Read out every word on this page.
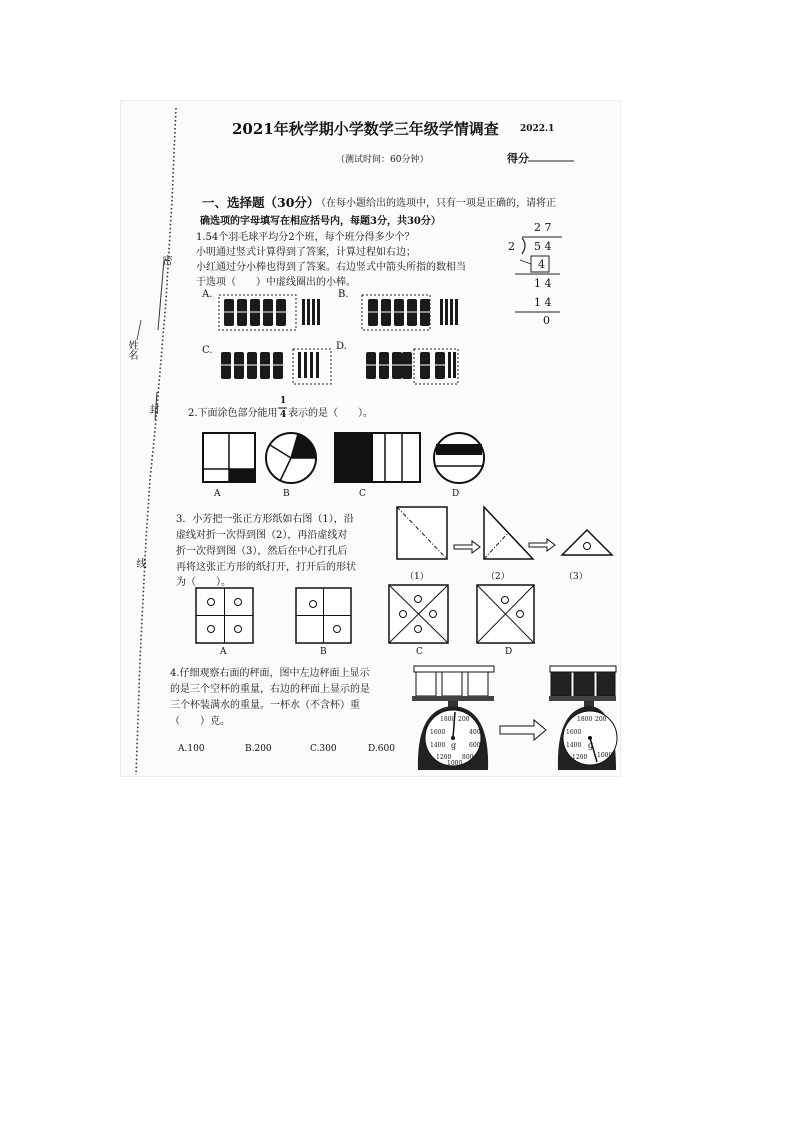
密
姓名
封
线
2021年秋学期小学数学三年级学情调查 2022.1
（测试时间：60分钟）	得分
一、选择题（30分）
（在每小题给出的选项中，只有一项是正确的，请将正
确选项的字母填写在相应括号内，每题3分，共30分）
1.54个羽毛球平均分2个班，每个班分得多少个？
小明通过竖式计算得到了答案，计算过程如右边；
小红通过分小棒也得到了答案。右边竖式中箭头所指的数相当
于选项（　　）中虚线圈出的小棒。
2 7
2 5 4
4
1 4
1 4
0
A.	B.
C.	D.
2.下面涂色部分能用
1
4 表示的是（　　）。
A	B	C	D
3．小芳把一张正方形纸如右图（1），沿
虚线对折一次得到图（2），再沿虚线对
折一次得到图（3），然后在中心打孔后
再将这张正方形的纸打开，打开后的形状
为（　　）。	（1）	（2）	（3）
A	B	C	D
4.仔细观察右面的秤面，图中左边秤面上显示
的是三个空杯的重量，右边的秤面上显示的是
三个杯装满水的重量。一杯水（不含杯）重
（　　）克。
A.100	B.200	C.300	D.600
1800 200
1600	400
1400	600
1200 800
1000
g
1800 200
1600
1400
1200 1000
g
